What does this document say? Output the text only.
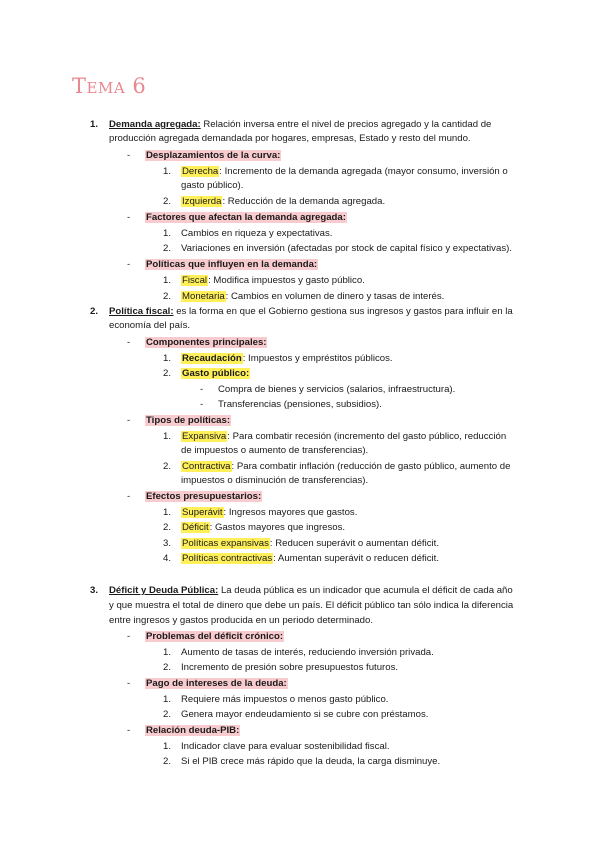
Tema 6
1. Demanda agregada: Relación inversa entre el nivel de precios agregado y la cantidad de
producción agregada demandada por hogares, empresas, Estado y resto del mundo.
- Desplazamientos de la curva:
1. Derecha: Incremento de la demanda agregada (mayor consumo, inversión o
gasto público).
2. Izquierda: Reducción de la demanda agregada.
- Factores que afectan la demanda agregada:
1. Cambios en riqueza y expectativas.
2. Variaciones en inversión (afectadas por stock de capital físico y expectativas).
- Políticas que influyen en la demanda:
1. Fiscal: Modifica impuestos y gasto público.
2. Monetaria: Cambios en volumen de dinero y tasas de interés.
2. Política fiscal: es la forma en que el Gobierno gestiona sus ingresos y gastos para influir en la
economía del país.
- Componentes principales:
1. Recaudación: Impuestos y empréstitos públicos.
2. Gasto público:
- Compra de bienes y servicios (salarios, infraestructura).
- Transferencias (pensiones, subsidios).
- Tipos de políticas:
1. Expansiva: Para combatir recesión (incremento del gasto público, reducción
de impuestos o aumento de transferencias).
2. Contractiva: Para combatir inflación (reducción de gasto público, aumento de
impuestos o disminución de transferencias).
- Efectos presupuestarios:
1. Superávit: Ingresos mayores que gastos.
2. Déficit: Gastos mayores que ingresos.
3. Políticas expansivas: Reducen superávit o aumentan déficit.
4. Políticas contractivas: Aumentan superávit o reducen déficit.
3. Déficit y Deuda Pública: La deuda pública es un indicador que acumula el déficit de cada año
y que muestra el total de dinero que debe un país. El déficit público tan sólo indica la diferencia
entre ingresos y gastos producida en un periodo determinado.
- Problemas del déficit crónico:
1. Aumento de tasas de interés, reduciendo inversión privada.
2. Incremento de presión sobre presupuestos futuros.
- Pago de intereses de la deuda:
1. Requiere más impuestos o menos gasto público.
2. Genera mayor endeudamiento si se cubre con préstamos.
- Relación deuda-PIB:
1. Indicador clave para evaluar sostenibilidad fiscal.
2. Si el PIB crece más rápido que la deuda, la carga disminuye.
